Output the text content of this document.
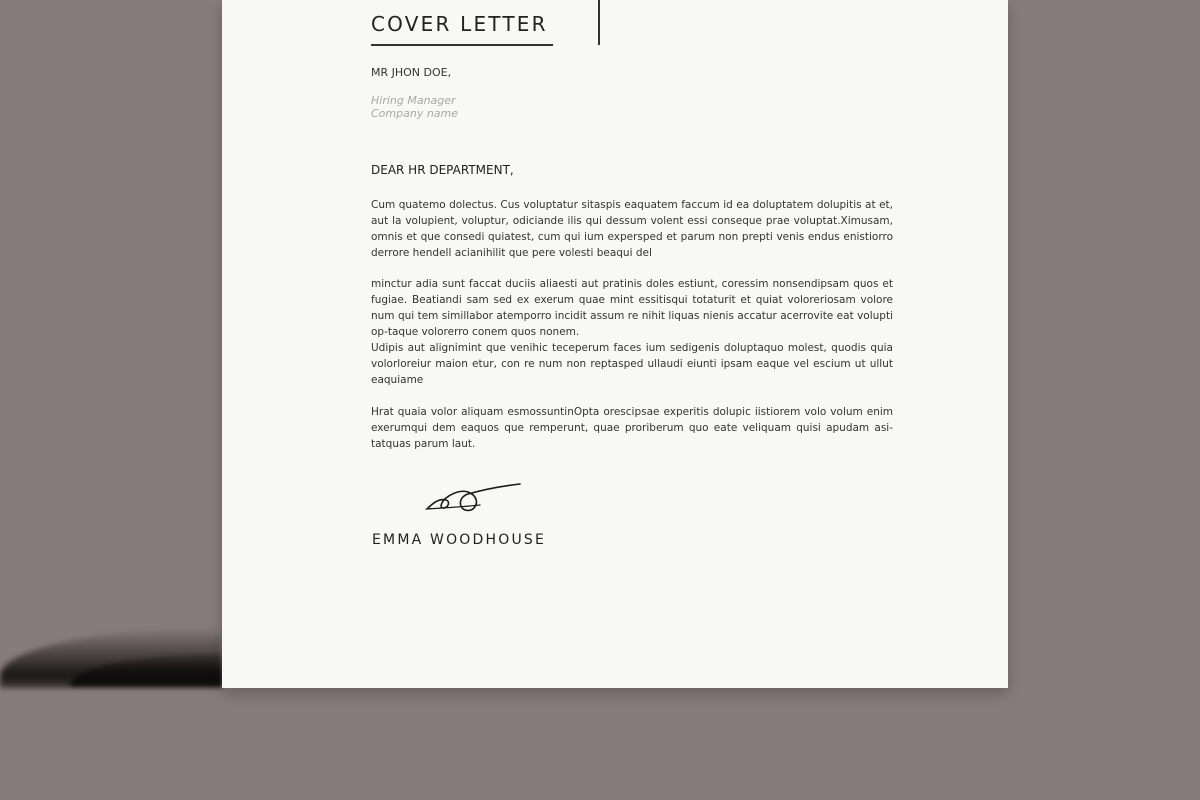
COVER LETTER
MR JHON DOE,
Hiring Manager
Company name
DEAR HR DEPARTMENT,

Cum quatemo dolectus. Cus voluptatur sitaspis eaquatem faccum id ea doluptatem dolupitis at et, aut la volupient, voluptur, odiciande ilis qui dessum volent essi conseque prae voluptat.Ximusam, omnis et que consedi quiatest, cum qui ium expersped et parum non prepti venis endus enistiorro derrore hendell acianihilit que pere volesti beaqui del

minctur adia sunt faccat duciis aliaesti aut pratinis doles estiunt, coressim nonsendipsam quos et fugiae. Beatiandi sam sed ex exerum quae mint essitisqui totaturit et quiat voloreriosam volore num qui tem simillabor atemporro incidit assum re nihit liquas nienis accatur acerrovite eat volupti op-taque volorerro conem quos nonem.

Udipis aut alignimint que venihic teceperum faces ium sedigenis doluptaquo molest, quodis quia volorloreiur maion etur, con re num non reptasped ullaudi eiunti ipsam eaque vel escium ut ullut eaquiame

Hrat quaia volor aliquam esmossuntinOpta orescipsae experitis dolupic iistiorem volo volum enim exerumqui dem eaquos que remperunt, quae proriberum quo eate veliquam quisi apudam asi-tatquas parum laut.

EMMA WOODHOUSE
